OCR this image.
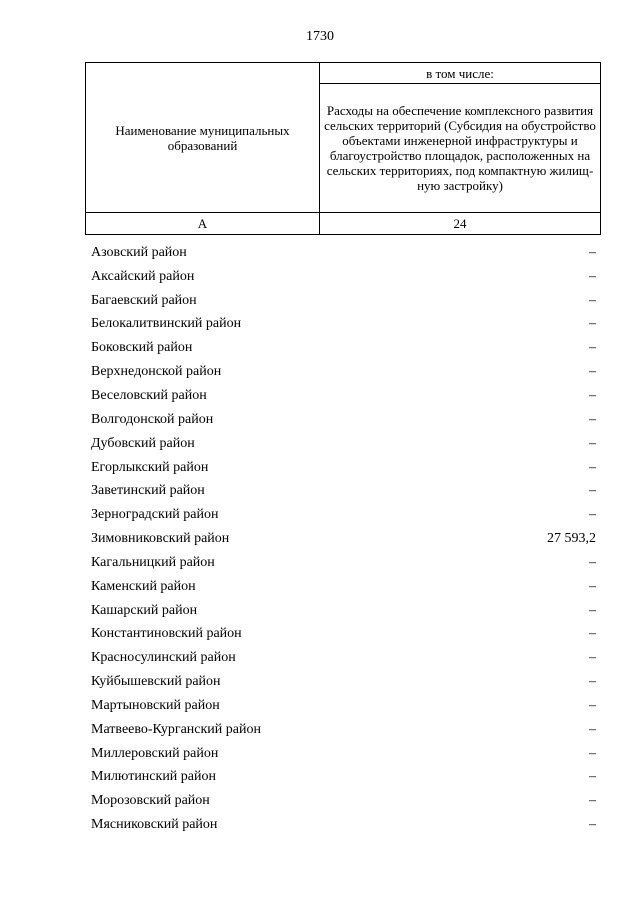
1730
Наименование муниципальных образований	в том числе:
	Расходы на обеспечение комплексного развития сельских территорий (Субсидия на обустройство объектами инженерной инфраструктуры и благоустройство площадок, расположенных на сельских территориях, под компактную жилищную застройку)
А	24
Азовский район	–
Аксайский район	–
Багаевский район	–
Белокалитвинский район	–
Боковский район	–
Верхнедонской район	–
Веселовский район	–
Волгодонской район	–
Дубовский район	–
Егорлыкский район	–
Заветинский район	–
Зерноградский район	–
Зимовниковский район	27 593,2
Кагальницкий район	–
Каменский район	–
Кашарский район	–
Константиновский район	–
Красносулинский район	–
Куйбышевский район	–
Мартыновский район	–
Матвеево-Курганский район	–
Миллеровский район	–
Милютинский район	–
Морозовский район	–
Мясниковский район	–
